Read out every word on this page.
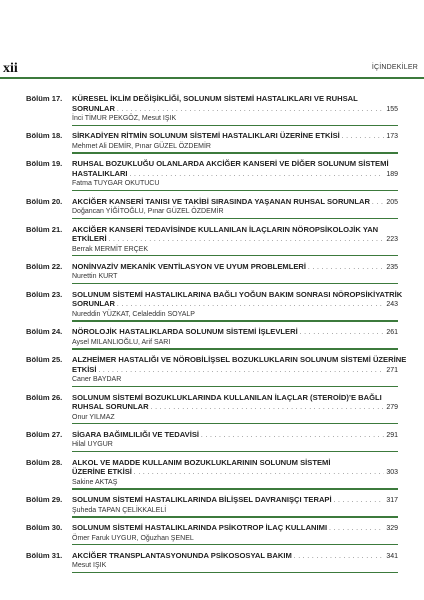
xii	İÇİNDEKİLER
Bölüm 17. KÜRESEL İKLİM DEĞİŞİKLİĞİ, SOLUNUM SİSTEMİ HASTALIKLARI VE RUHSAL
SORUNLAR . . .	155
İnci TİMUR PEKGÖZ, Mesut IŞIK
Bölüm 18. SİRKADİYEN RİTMİN SOLUNUM SİSTEMİ HASTALIKLARI ÜZERİNE ETKİSİ . . .	173
Mehmet Ali DEMİR, Pınar GÜZEL ÖZDEMİR
Bölüm 19. RUHSAL BOZUKLUĞU OLANLARDA AKCİĞER KANSERİ VE DİĞER SOLUNUM SİSTEMİ
HASTALIKLARI . . .	189
Fatma TUYGAR OKUTUCU
Bölüm 20. AKCİĞER KANSERİ TANISI VE TAKİBİ SIRASINDA YAŞANAN RUHSAL SORUNLAR . . . 205
Doğancan YİĞİTOĞLU, Pınar GÜZEL ÖZDEMİR
Bölüm 21. AKCİĞER KANSERİ TEDAVİSİNDE KULLANILAN İLAÇLARIN NÖROPSİKOLOJİK YAN
ETKİLERİ . . .	223
Berrak MERMİT ERÇEK
Bölüm 22. NONİNVAZİV MEKANİK VENTİLASYON VE UYUM PROBLEMLERİ . . .	235
Nurettin KURT
Bölüm 23. SOLUNUM SİSTEMİ HASTALIKLARINA BAĞLI YOĞUN BAKIM SONRASI NÖROPSİKİYATRİK
SORUNLAR . . .	243
Nureddin YÜZKAT, Celaleddin SOYALP
Bölüm 24. NÖROLOJİK HASTALIKLARDA SOLUNUM SİSTEMİ İŞLEVLERİ . . .	261
Aysel MILANLIOĞLU, Arif SARI
Bölüm 25. ALZHEİMER HASTALIĞI VE NÖROBİLİŞSEL BOZUKLUKLARIN SOLUNUM SİSTEMİ ÜZERİNE
ETKİSİ . . .	271
Caner BAYDAR
Bölüm 26. SOLUNUM SİSTEMİ BOZUKLUKLARINDA KULLANILAN İLAÇLAR (STEROİD)’E BAĞLI
RUHSAL SORUNLAR . . .	279
Onur YILMAZ
Bölüm 27. SİGARA BAĞIMLILIĞI VE TEDAVİSİ . . .	291
Hilal UYGUR
Bölüm 28. ALKOL VE MADDE KULLANIM BOZUKLUKLARININ SOLUNUM SİSTEMİ
ÜZERİNE ETKİSİ . . .	303
Sakine AKTAŞ
Bölüm 29. SOLUNUM SİSTEMİ HASTALIKLARINDA BİLİŞSEL DAVRANIŞÇI TERAPİ . . .	317
Şuheda TAPAN ÇELİKKALELİ
Bölüm 30. SOLUNUM SİSTEMİ HASTALIKLARINDA PSİKOTROP İLAÇ KULLANIMI . . .	329
Ömer Faruk UYGUR, Oğuzhan ŞENEL
Bölüm 31. AKCİĞER TRANSPLANTASYONUNDA PSİKOSOSYAL BAKIM . . .	341
Mesut IŞIK
